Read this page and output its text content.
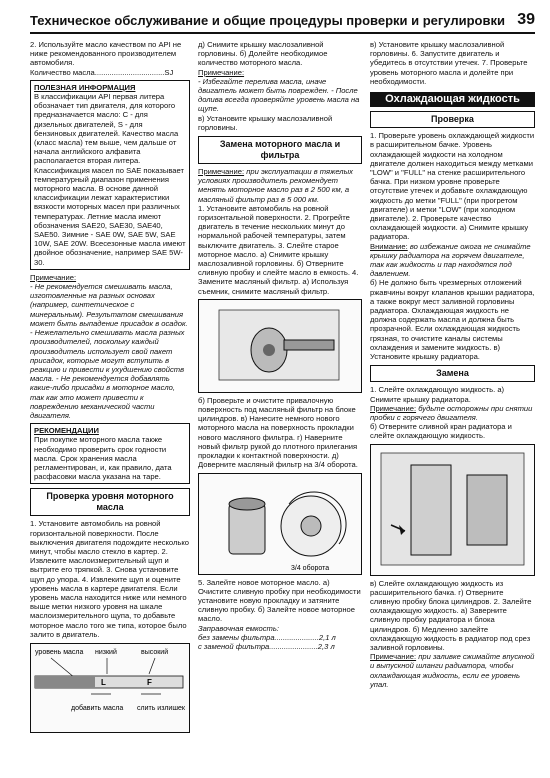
Техническое обслуживание и общие процедуры проверки и регулировки 39

2. Используйте масло качеством по API не ниже рекомендованного производителем автомобиля.

Количество масла.................................SJ

ПОЛЕЗНАЯ ИНФОРМАЦИЯ

В классификации API первая литера обозначает тип двигателя, для которого предназначается масло: С - для дизельных двигателей, S - для бензиновых двигателей. Качество масла (класс масла) тем выше, чем дальше от начала английского алфавита располагается вторая литера. Классификация масел по SAE показывает температурный диапазон применения моторного масла. В основе данной классификации лежат характеристики вязкости моторных масел при различных температурах. Летние масла имеют обозначения SAE20, SAE30, SAE40, SAE50. Зимние - SAE 0W, SAE 5W, SAE 10W, SAE 20W. Всесезонные масла имеют двойное обозначение, например SAE 5W-30.

Примечание:

- Не рекомендуется смешивать масла, изготовленные на разных основах (например, синтетическое с минеральным). Результатом смешивания может быть выпадение присадок в осадок. - Нежелательно смешивать масла разных производителей, поскольку каждый производитель использует свой пакет присадок, которые могут вступить в реакцию и привести к ухудшению свойств масла. - Не рекомендуется добавлять какие-либо присадки в моторное масло, так как это может привести к повреждению механической части двигателя.

РЕКОМЕНДАЦИИ

При покупке моторного масла также необходимо проверить срок годности масла. Срок хранения масла регламентирован, и, как правило, дата расфасовки масла указана на таре.

Проверка уровня моторного масла

1. Установите автомобиль на ровной горизонтальной поверхности. После выключения двигателя подождите несколько минут, чтобы масло стекло в картер. 2. Извлеките маслоизмерительный щуп и вытрите его тряпкой. 3. Снова установите щуп до упора. 4. Извлеките щуп и оцените уровень масла в картере двигателя. Если уровень масла находится ниже или немного выше метки низкого уровня на шкале маслоизмерительного щупа, то добавьте моторное масло того же типа, которое было залито в двигатель.

уровень масла низкий	высокий
L	F
добавить масла слить излишек

д) Снимите крышку маслозаливной горловины. б) Долейте необходимое количество моторного масла.

Примечание:

- Избегайте перелива масла, иначе двигатель может быть поврежден. - После долива всегда проверяйте уровень масла на щупе.

в) Установите крышку маслозаливной горловины.

Замена моторного масла и фильтра

Примечание: при эксплуатации в тяжелых условиях производитель рекомендует менять моторное масло раз в 2 500 км, а масляный фильтр раз в 5 000 км.

1. Установите автомобиль на ровной горизонтальной поверхности. 2. Прогрейте двигатель в течение нескольких минут до нормальной рабочей температуры, затем выключите двигатель. 3. Слейте старое моторное масло. а) Снимите крышку маслозаливной горловины. б) Отверните сливную пробку и слейте масло в емкость. 4. Замените масляный фильтр. а) Используя съемник, снимите масляный фильтр.

б) Проверьте и очистите привалочную поверхность под масляный фильтр на блоке цилиндров. в) Нанесите немного нового моторного масла на поверхность прокладки нового масляного фильтра. г) Наверните новый фильтр рукой до плотного прилегания прокладки к контактной поверхности. д) Доверните масляный фильтр на 3/4 оборота.

3/4 оборота

5. Залейте новое моторное масло. а) Очистите сливную пробку при необходимости установите новую прокладку и затяните сливную пробку. б) Залейте новое моторное масло.

Заправочная емкость:

без замены фильтра.....................2,1 л

с заменой фильтра.......................2,3 л

в) Установите крышку маслозаливной горловины. 6. Запустите двигатель и убедитесь в отсутствии утечек. 7. Проверьте уровень моторного масла и долейте при необходимости.

Охлаждающая жидкость
Проверка

1. Проверьте уровень охлаждающей жидкости в расширительном бачке. Уровень охлаждающей жидкости на холодном двигателе должен находиться между метками "LOW" и "FULL" на стенке расширительного бачка. При низком уровне проверьте отсутствие утечек и добавьте охлаждающую жидкость до метки "FULL" (при прогретом двигателе) и метки "LOW" (при холодном двигателе). 2. Проверьте качество охлаждающей жидкости. а) Снимите крышку радиатора.

Внимание: во избежание ожога не снимайте крышку радиатора на горячем двигателе, так как жидкость и пар находятся под давлением.

б) Не должно быть чрезмерных отложений ржавчины вокруг клапанов крышки радиатора, а также вокруг мест заливной горловины радиатора. Охлаждающая жидкость не должна содержать масла и должна быть прозрачной. Если охлаждающая жидкость грязная, то очистите каналы системы охлаждения и замените жидкость. в) Установите крышку радиатора.

Замена

1. Слейте охлаждающую жидкость. а) Снимите крышку радиатора.

Примечание: будьте осторожны при снятии пробки с горячего двигателя.

б) Отверните сливной кран радиатора и слейте охлаждающую жидкость.

в) Слейте охлаждающую жидкость из расширительного бачка. г) Отверните сливную пробку блока цилиндров. 2. Залейте охлаждающую жидкость. а) Заверните сливную пробку радиатора и блока цилиндров. б) Медленно залейте охлаждающую жидкость в радиатор под срез заливной горловины.

Примечание: при заливке сжимайте впускной и выпускной шланги радиатора, чтобы охлаждающая жидкость, если ее уровень упал.
